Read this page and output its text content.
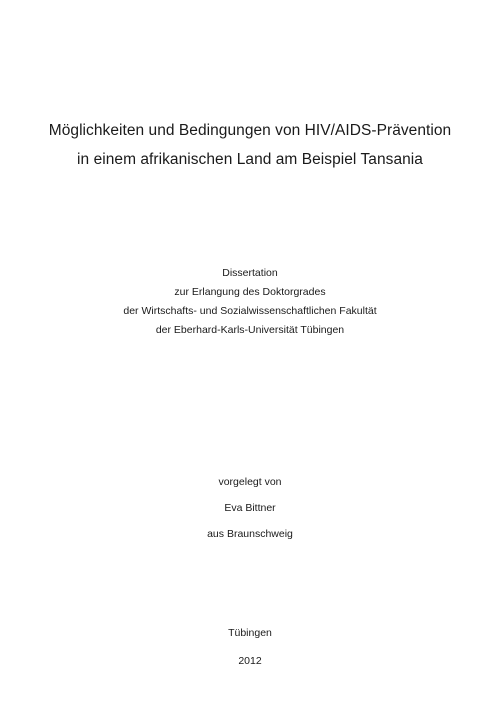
Möglichkeiten und Bedingungen von HIV/AIDS-Prävention
in einem afrikanischen Land am Beispiel Tansania
Dissertation
zur Erlangung des Doktorgrades
der Wirtschafts- und Sozialwissenschaftlichen Fakultät
der Eberhard-Karls-Universität Tübingen
vorgelegt von
Eva Bittner
aus Braunschweig
Tübingen
2012
